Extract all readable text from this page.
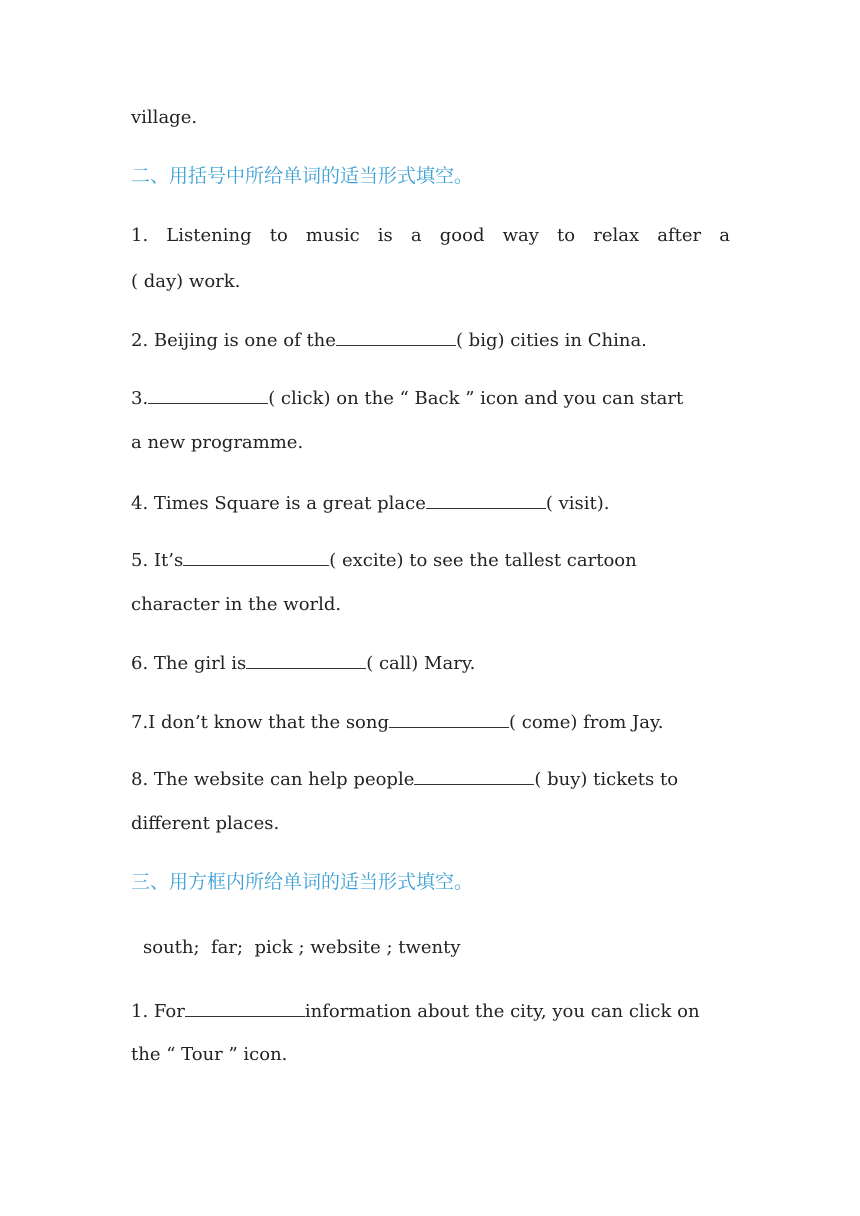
village.
二、用括号中所给单词的适当形式填空。
1. Listening to music is a good way to relax after a
( day) work.
2. Beijing is one of the	( big) cities in China.
3.	( click) on the “ Back ” icon and you can start
a new programme.
4. Times Square is a great place	( visit).
5. It’s	( excite) to see the tallest cartoon
character in the world.
6. The girl is	( call) Mary.
7.I don’t know that the song	( come) from Jay.
8. The website can help people	( buy) tickets to
different places.
三、用方框内所给单词的适当形式填空。
south;  far;  pick ; website ; twenty
1. For	information about the city, you can click on
the “ Tour ” icon.
